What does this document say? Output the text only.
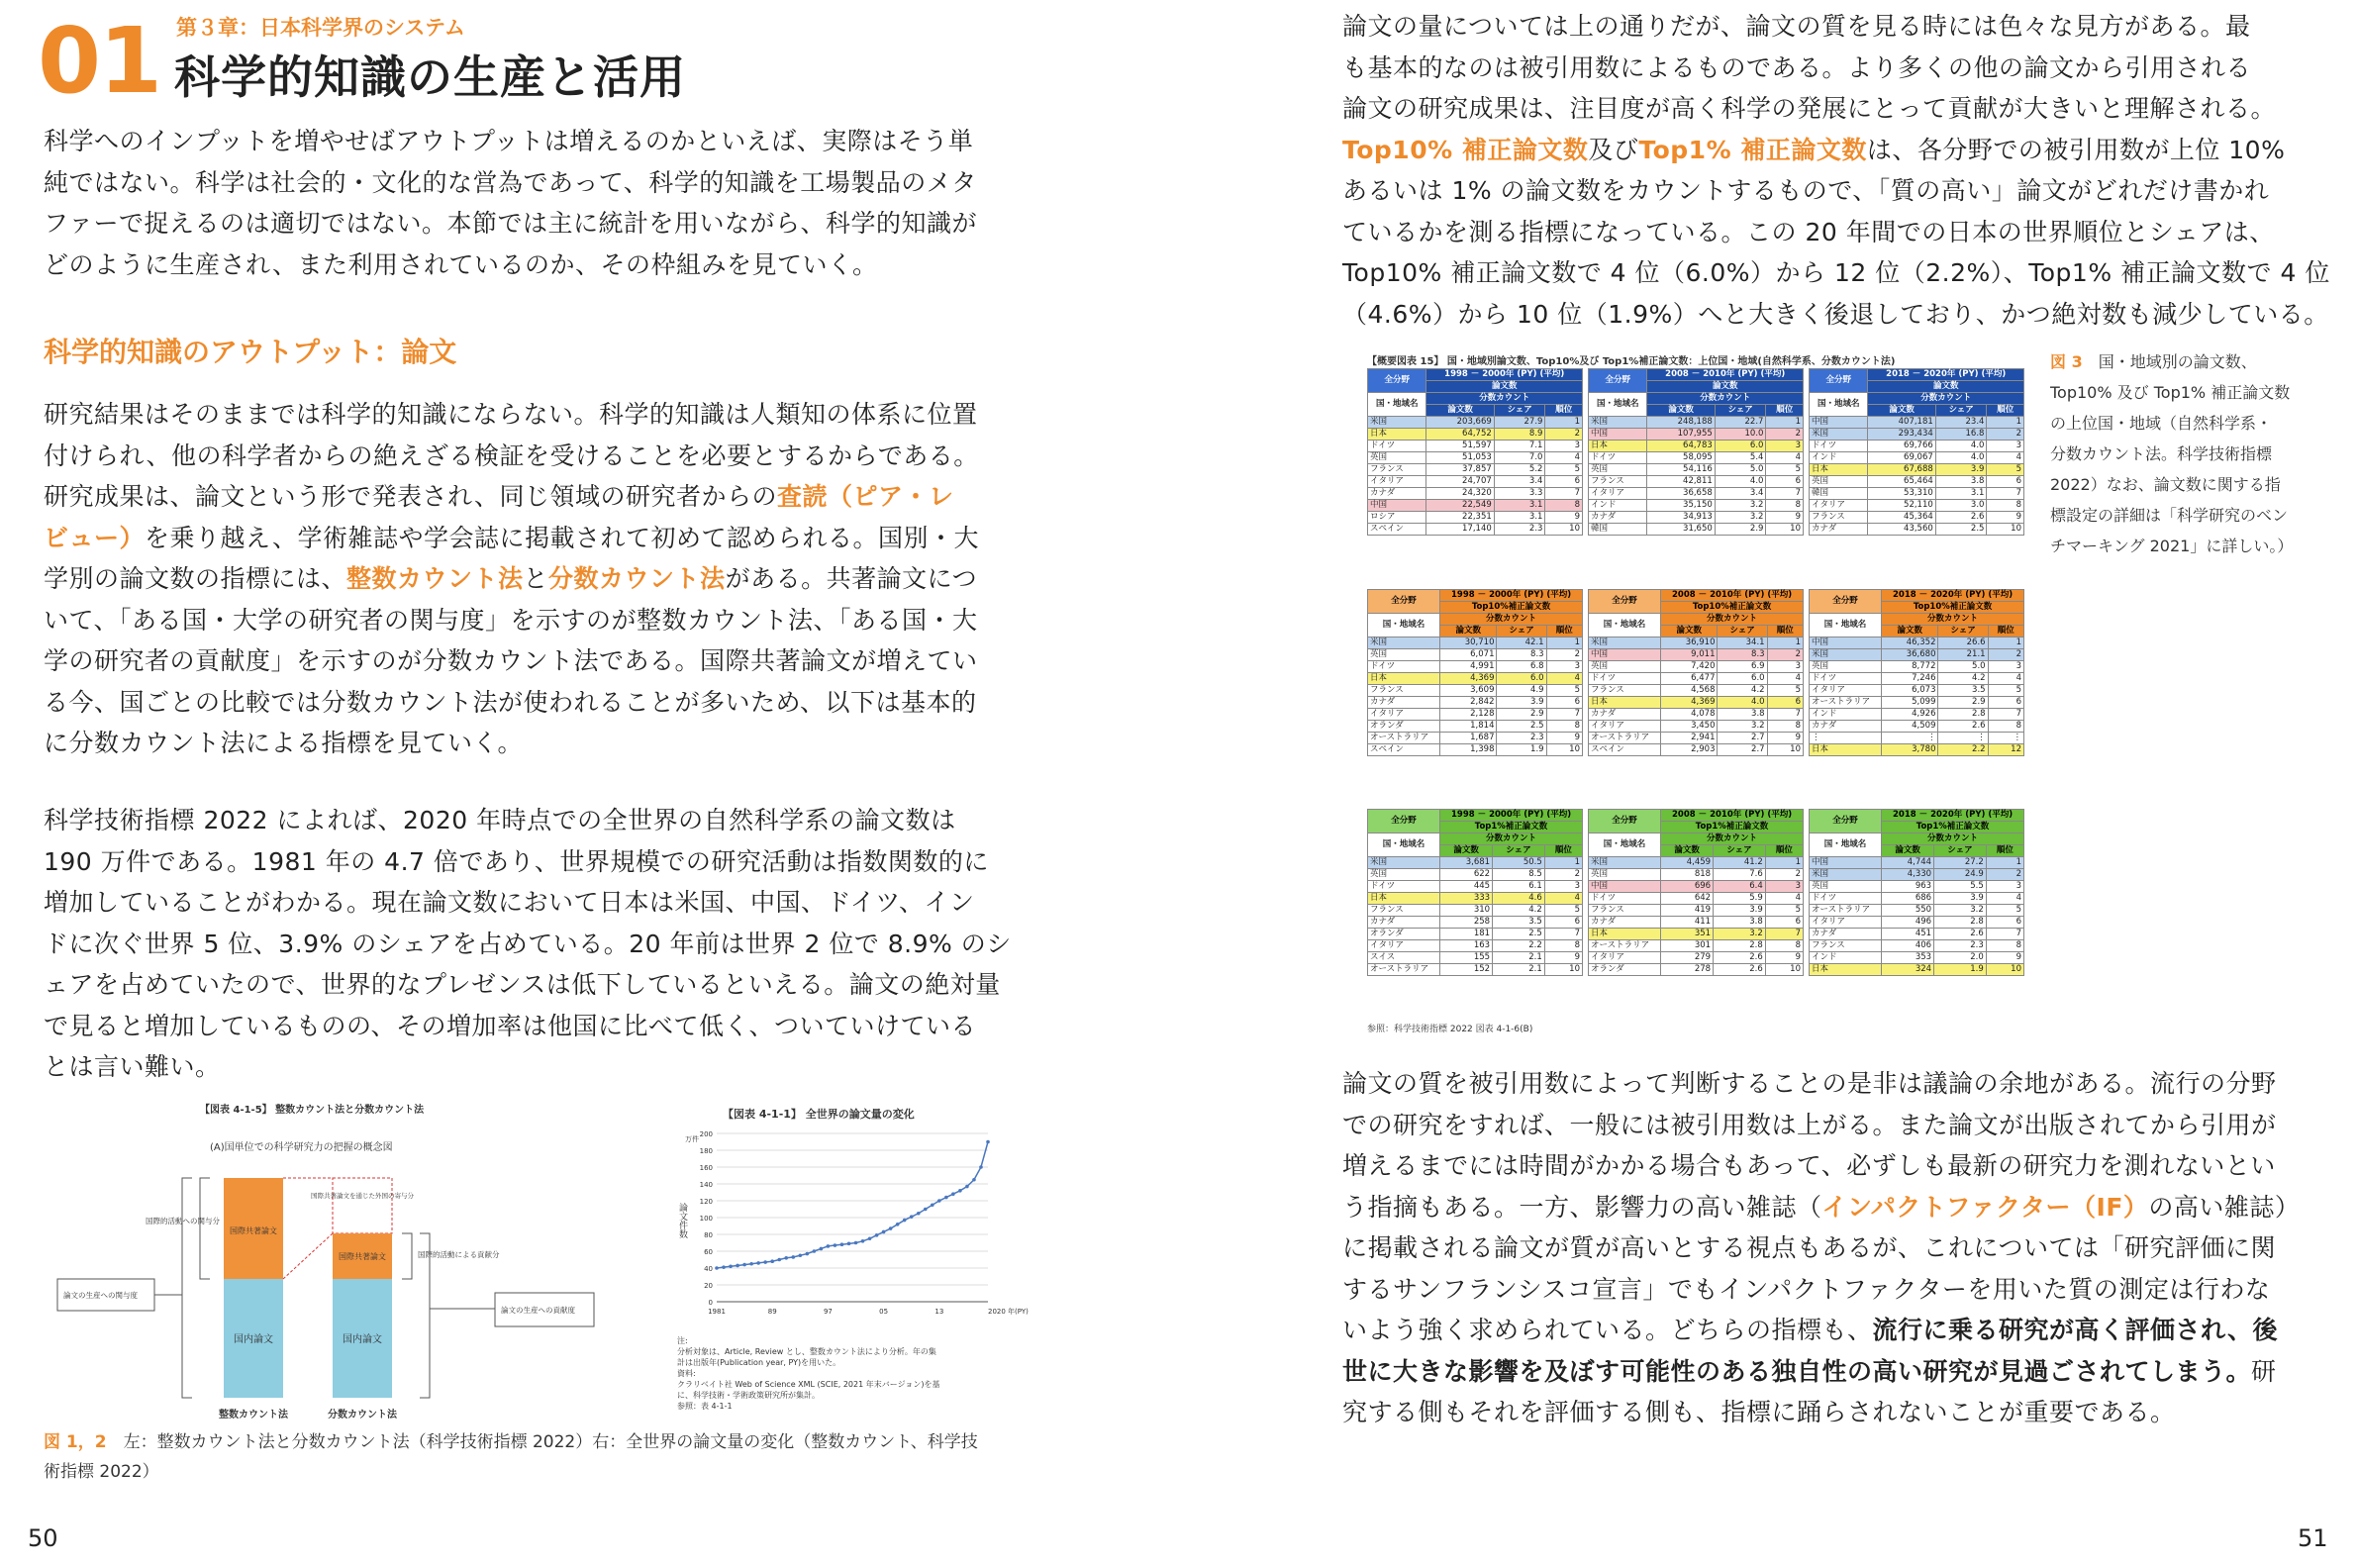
01 第３章：日本科学界のシステム
科学的知識の生産と活用
科学へのインプットを増やせばアウトプットは増えるのかといえば、実際はそう単
純ではない。科学は社会的・文化的な営為であって、科学的知識を工場製品のメタ
ファーで捉えるのは適切ではない。本節では主に統計を用いながら、科学的知識が
どのように生産され、また利用されているのか、その枠組みを見ていく。
科学的知識のアウトプット：論文
研究結果はそのままでは科学的知識にならない。科学的知識は人類知の体系に位置
付けられ、他の科学者からの絶えざる検証を受けることを必要とするからである。
研究成果は、論文という形で発表され、同じ領域の研究者からの査読（ピア・レ
ビュー）を乗り越え、学術雑誌や学会誌に掲載されて初めて認められる。国別・大
学別の論文数の指標には、整数カウント法と分数カウント法がある。共著論文につ
いて、「ある国・大学の研究者の関与度」を示すのが整数カウント法、「ある国・大
学の研究者の貢献度」を示すのが分数カウント法である。国際共著論文が増えてい
る今、国ごとの比較では分数カウント法が使われることが多いため、以下は基本的
に分数カウント法による指標を見ていく。
科学技術指標 2022 によれば、2020 年時点での全世界の自然科学系の論文数は
190 万件である。1981 年の 4.7 倍であり、世界規模での研究活動は指数関数的に
増加していることがわかる。現在論文数において日本は米国、中国、ドイツ、イン
ドに次ぐ世界 5 位、3.9% のシェアを占めている。20 年前は世界 2 位で 8.9% のシ
ェアを占めていたので、世界的なプレゼンスは低下しているといえる。論文の絶対量
で見ると増加しているものの、その増加率は他国に比べて低く、ついていけている
とは言い難い。
【図表 4-1-5】 整数カウント法と分数カウント法
(A)国単位での科学研究力の把握の概念図
国際共著論文
国内論文
国際共著論文を通じた外国の寄与分
国際共著論文
国内論文
国際的活動への関与分
論文の生産への関与度
国際的活動による貢献分
論文の生産への貢献度
整数カウント法	分数カウント法
【図表 4-1-1】 全世界の論文量の変化
万件
0
20
40
60
80
100
120
140
160
180
200
1981	89	97	05	13	2020 年(PY)
注:
分析対象は、Article, Review とし、整数カウント法により分析。年の集
計は出版年(Publication year, PY)を用いた。
資料:
クラリベイト社 Web of Science XML (SCIE, 2021 年末バージョン)を基
に、科学技術・学術政策研究所が集計。
参照：表 4-1-1
論文件数
図 1，2　 左：整数カウント法と分数カウント法（科学技術指標 2022）右：全世界の論文量の変化（整数カウント、科学技
術指標 2022）
50
論文の量については上の通りだが、論文の質を見る時には色々な見方がある。最
も基本的なのは被引用数によるものである。より多くの他の論文から引用される
論文の研究成果は、注目度が高く科学の発展にとって貢献が大きいと理解される。
Top10% 補正論文数及びTop1% 補正論文数は、各分野での被引用数が上位 10%
あるいは 1% の論文数をカウントするもので、「質の高い」論文がどれだけ書かれ
ているかを測る指標になっている。この 20 年間での日本の世界順位とシェアは、
Top10% 補正論文数で 4 位（6.0%）から 12 位（2.2%）、Top1% 補正論文数で 4 位
（4.6%）から 10 位（1.9%）へと大きく後退しており、かつ絶対数も減少している。
【概要図表 15】 国・地域別論文数、Top10%及び Top1%補正論文数：上位国・地域(自然科学系、分数カウント法)
全分野	1998 － 2000年 (PY) (平均)		
	論文数		
国・地域名	分数カウント		
	論文数	シェア	順位
米国	203,669	27.9	1
日本	64,752	8.9	2
ドイツ	51,597	7.1	3
英国	51,053	7.0	4
フランス	37,857	5.2	5
イタリア	24,707	3.4	6
カナダ	24,320	3.3	7
中国	22,549	3.1	8
ロシア	22,351	3.1	9
スペイン	17,140	2.3	10
全分野	2008 － 2010年 (PY) (平均)		
	論文数		
国・地域名	分数カウント		
	論文数	シェア	順位
米国	248,188	22.7	1
中国	107,955	10.0	2
日本	64,783	6.0	3
ドイツ	58,095	5.4	4
英国	54,116	5.0	5
フランス	42,811	4.0	6
イタリア	36,658	3.4	7
インド	35,150	3.2	8
カナダ	34,913	3.2	9
韓国	31,650	2.9	10
全分野	2018 － 2020年 (PY) (平均)		
	論文数		
国・地域名	分数カウント		
	論文数	シェア	順位
中国	407,181	23.4	1
米国	293,434	16.8	2
ドイツ	69,766	4.0	3
インド	69,067	4.0	4
日本	67,688	3.9	5
英国	65,464	3.8	6
韓国	53,310	3.1	7
イタリア	52,110	3.0	8
フランス	45,364	2.6	9
カナダ	43,560	2.5	10
全分野	1998 － 2000年 (PY) (平均)		
	Top10%補正論文数		
国・地域名	分数カウント		
	論文数	シェア	順位
米国	30,710	42.1	1
英国	6,071	8.3	2
ドイツ	4,991	6.8	3
日本	4,369	6.0	4
フランス	3,609	4.9	5
カナダ	2,842	3.9	6
イタリア	2,128	2.9	7
オランダ	1,814	2.5	8
オーストラリア	1,687	2.3	9
スペイン	1,398	1.9	10
全分野	2008 － 2010年 (PY) (平均)		
	Top10%補正論文数		
国・地域名	分数カウント		
	論文数	シェア	順位
米国	36,910	34.1	1
中国	9,011	8.3	2
英国	7,420	6.9	3
ドイツ	6,477	6.0	4
フランス	4,568	4.2	5
日本	4,369	4.0	6
カナダ	4,078	3.8	7
イタリア	3,450	3.2	8
オーストラリア	2,941	2.7	9
スペイン	2,903	2.7	10
全分野	2018 － 2020年 (PY) (平均)		
	Top10%補正論文数		
国・地域名	分数カウント		
	論文数	シェア	順位
中国	46,352	26.6	1
米国	36,680	21.1	2
英国	8,772	5.0	3
ドイツ	7,246	4.2	4
イタリア	6,073	3.5	5
オーストラリア	5,099	2.9	6
インド	4,926	2.8	7
カナダ	4,509	2.6	8
⋮	⋮	⋮	⋮
日本	3,780	2.2	12
全分野	1998 － 2000年 (PY) (平均)		
	Top1%補正論文数		
国・地域名	分数カウント		
	論文数	シェア	順位
米国	3,681	50.5	1
英国	622	8.5	2
ドイツ	445	6.1	3
日本	333	4.6	4
フランス	310	4.2	5
カナダ	258	3.5	6
オランダ	181	2.5	7
イタリア	163	2.2	8
スイス	155	2.1	9
オーストラリア	152	2.1	10
全分野	2008 － 2010年 (PY) (平均)		
	Top1%補正論文数		
国・地域名	分数カウント		
	論文数	シェア	順位
米国	4,459	41.2	1
英国	818	7.6	2
中国	696	6.4	3
ドイツ	642	5.9	4
フランス	419	3.9	5
カナダ	411	3.8	6
日本	351	3.2	7
オーストラリア	301	2.8	8
イタリア	279	2.6	9
オランダ	278	2.6	10
全分野	2018 － 2020年 (PY) (平均)		
	Top1%補正論文数		
国・地域名	分数カウント		
	論文数	シェア	順位
中国	4,744	27.2	1
米国	4,330	24.9	2
英国	963	5.5	3
ドイツ	686	3.9	4
オーストラリア	550	3.2	5
イタリア	496	2.8	6
カナダ	451	2.6	7
フランス	406	2.3	8
インド	353	2.0	9
日本	324	1.9	10
参照：科学技術指標 2022 図表 4-1-6(B)
図 3　国・地域別の論文数、
Top10% 及び Top1% 補正論文数
の上位国・地域（自然科学系・
分数カウント法。科学技術指標
2022）なお、論文数に関する指
標設定の詳細は「科学研究のベン
チマーキング 2021」に詳しい。）
論文の質を被引用数によって判断することの是非は議論の余地がある。流行の分野
での研究をすれば、一般には被引用数は上がる。また論文が出版されてから引用が
増えるまでには時間がかかる場合もあって、必ずしも最新の研究力を測れないとい
う指摘もある。一方、影響力の高い雑誌（インパクトファクター（IF）の高い雑誌）
に掲載される論文が質が高いとする視点もあるが、これについては「研究評価に関
するサンフランシスコ宣言」でもインパクトファクターを用いた質の測定は行わな
いよう強く求められている。どちらの指標も、流行に乗る研究が高く評価され、後
世に大きな影響を及ぼす可能性のある独自性の高い研究が見過ごされてしまう。研
究する側もそれを評価する側も、指標に踊らされないことが重要である。
51
